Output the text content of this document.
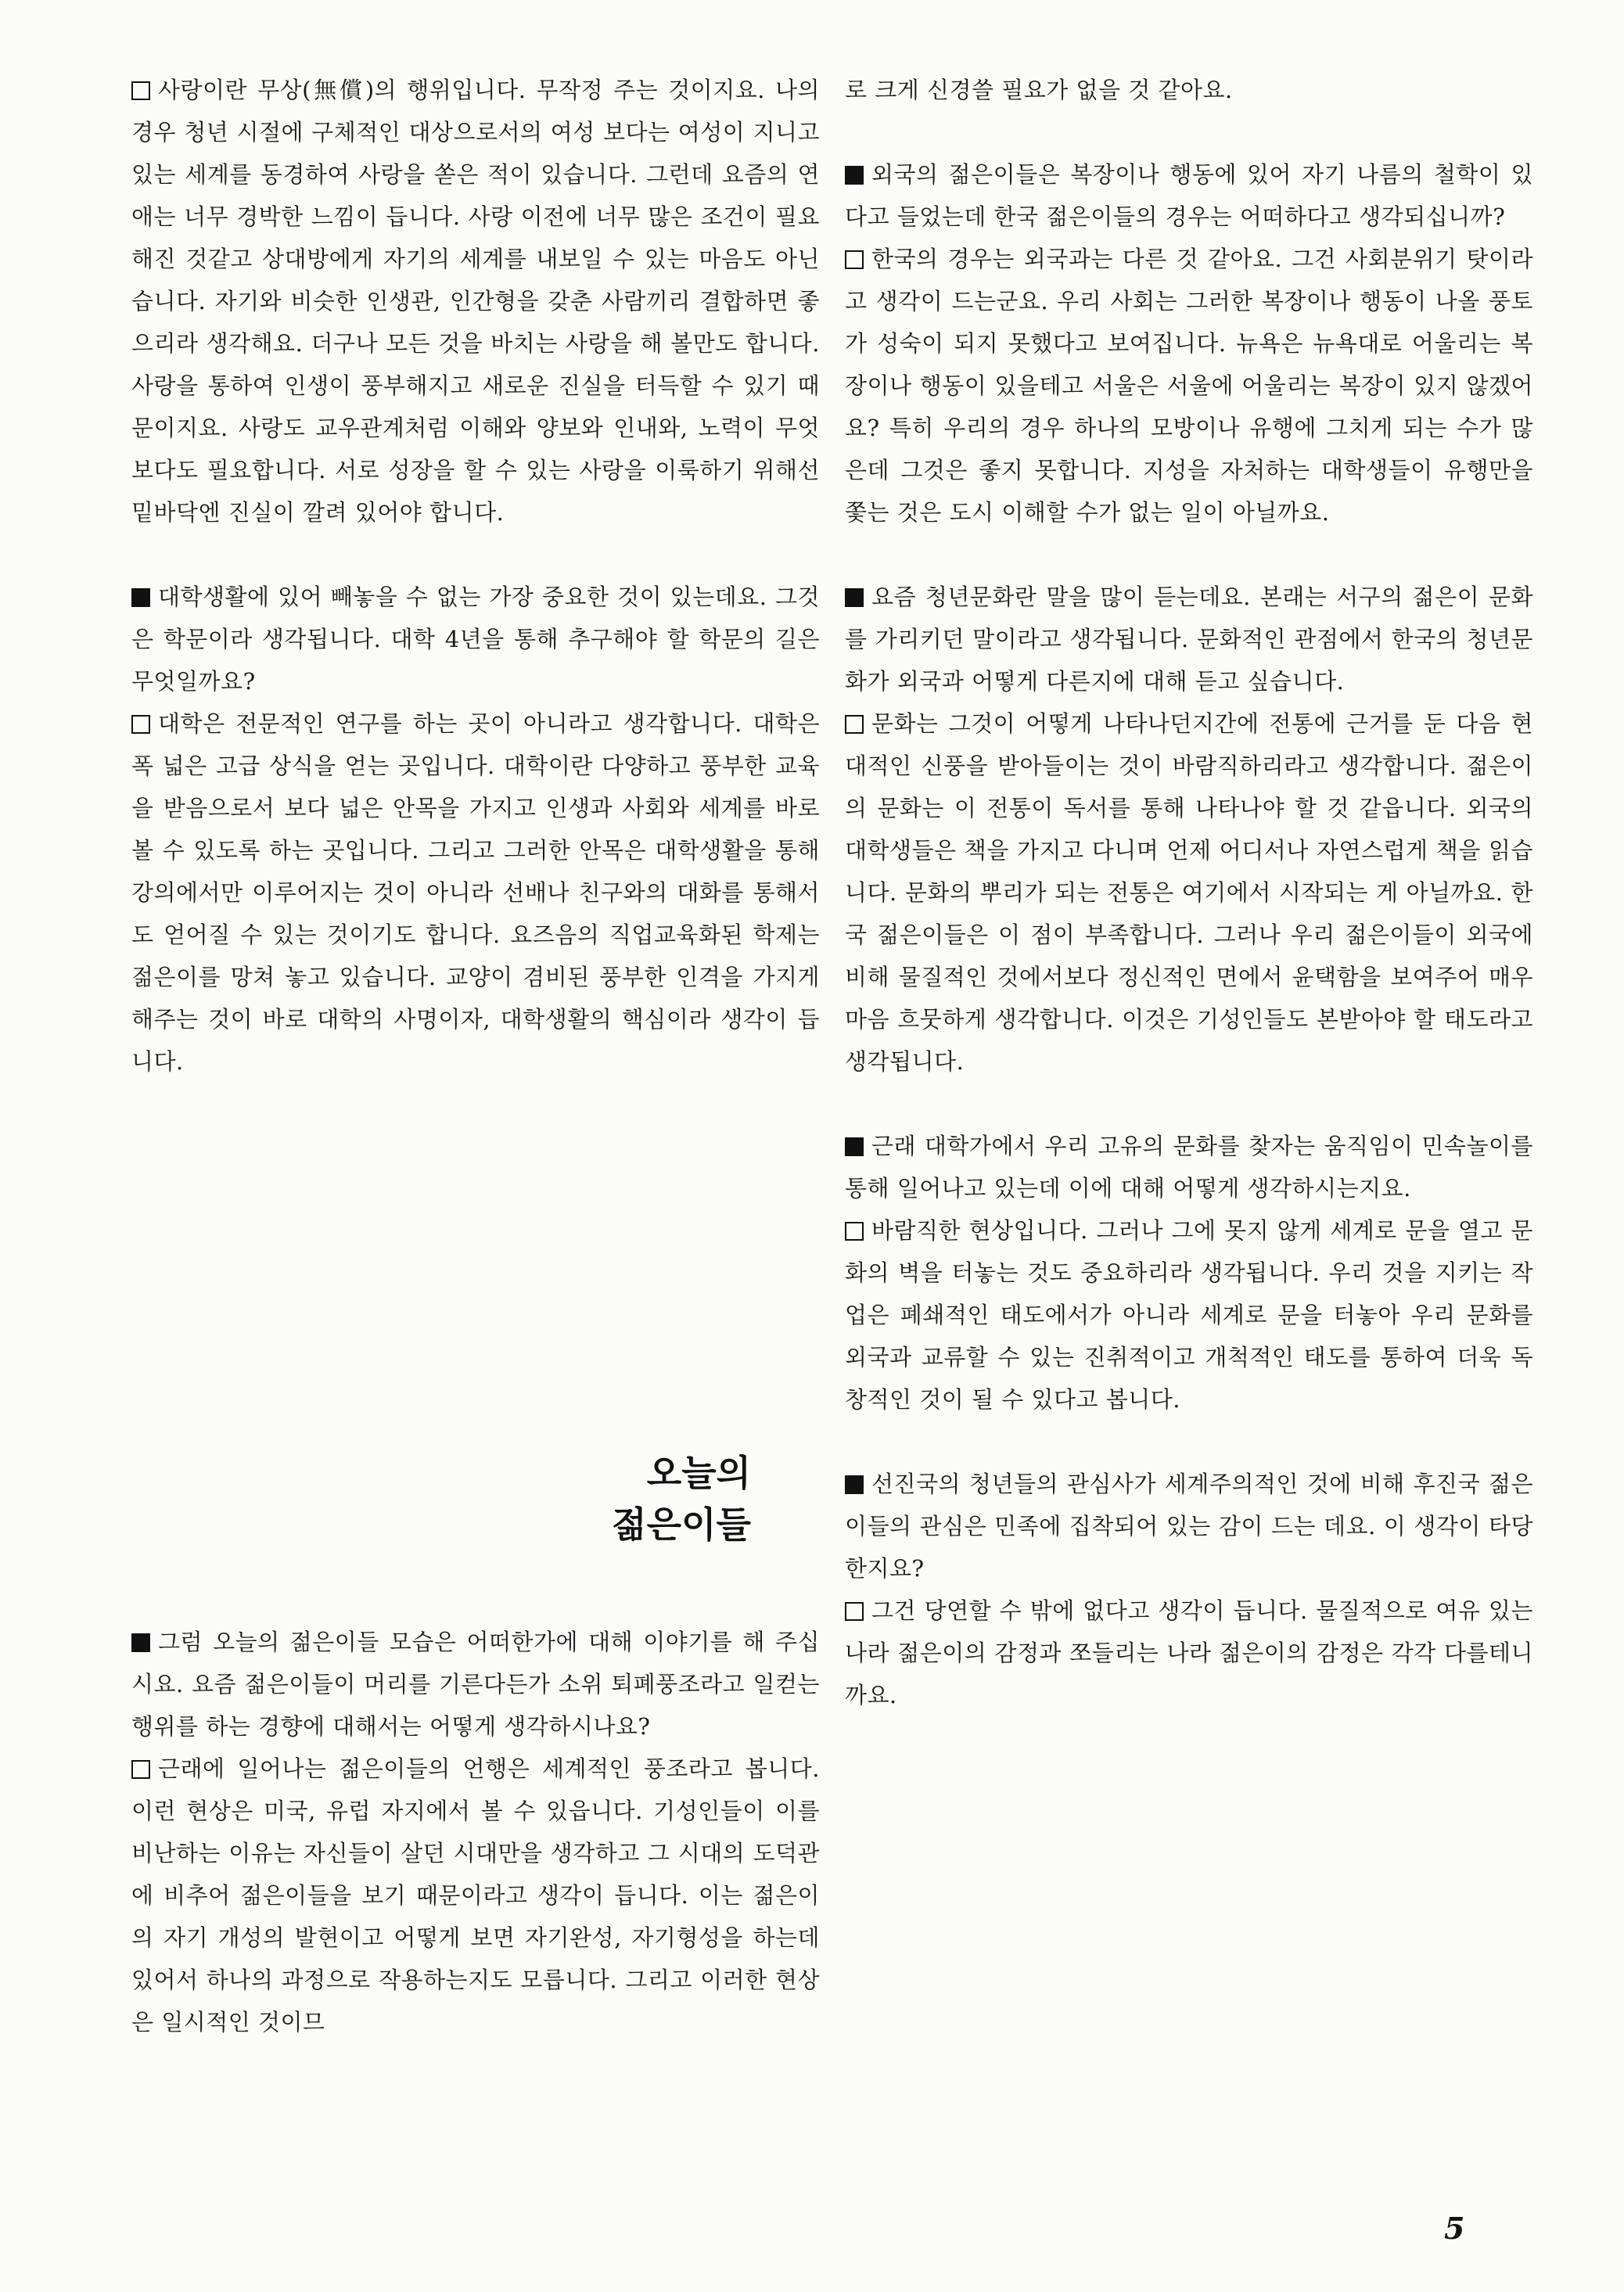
사랑이란 무상(無償)의 행위입니다. 무작정 주는 것이지요. 나의 경우 청년 시절에 구체적인 대상으로서의 여성 보다는 여성이 지니고 있는 세계를 동경하여 사랑을 쏟은 적이 있습니다. 그런데 요즘의 연애는 너무 경박한 느낌이 듭니다. 사랑 이전에 너무 많은 조건이 필요해진 것같고 상대방에게 자기의 세계를 내보일 수 있는 마음도 아닌습니다. 자기와 비슷한 인생관, 인간형을 갖춘 사람끼리 결합하면 좋으리라 생각해요. 더구나 모든 것을 바치는 사랑을 해 볼만도 합니다. 사랑을 통하여 인생이 풍부해지고 새로운 진실을 터득할 수 있기 때문이지요. 사랑도 교우관계처럼 이해와 양보와 인내와, 노력이 무엇보다도 필요합니다. 서로 성장을 할 수 있는 사랑을 이룩하기 위해선 밑바닥엔 진실이 깔려 있어야 합니다.

대학생활에 있어 빼놓을 수 없는 가장 중요한 것이 있는데요. 그것은 학문이라 생각됩니다. 대학 4년을 통해 추구해야 할 학문의 길은 무엇일까요?

대학은 전문적인 연구를 하는 곳이 아니라고 생각합니다. 대학은 폭 넓은 고급 상식을 얻는 곳입니다. 대학이란 다양하고 풍부한 교육을 받음으로서 보다 넓은 안목을 가지고 인생과 사회와 세계를 바로 볼 수 있도록 하는 곳입니다. 그리고 그러한 안목은 대학생활을 통해 강의에서만 이루어지는 것이 아니라 선배나 친구와의 대화를 통해서도 얻어질 수 있는 것이기도 합니다. 요즈음의 직업교육화된 학제는 젊은이를 망쳐 놓고 있습니다. 교양이 겸비된 풍부한 인격을 가지게 해주는 것이 바로 대학의 사명이자, 대학생활의 핵심이라 생각이 듭니다.

오늘의
젊은이들

그럼 오늘의 젊은이들 모습은 어떠한가에 대해 이야기를 해 주십시요. 요즘 젊은이들이 머리를 기른다든가 소위 퇴폐풍조라고 일컫는 행위를 하는 경향에 대해서는 어떻게 생각하시나요?

근래에 일어나는 젊은이들의 언행은 세계적인 풍조라고 봅니다. 이런 현상은 미국, 유럽 자지에서 볼 수 있읍니다. 기성인들이 이를 비난하는 이유는 자신들이 살던 시대만을 생각하고 그 시대의 도덕관에 비추어 젊은이들을 보기 때문이라고 생각이 듭니다. 이는 젊은이의 자기 개성의 발현이고 어떻게 보면 자기완성, 자기형성을 하는데 있어서 하나의 과정으로 작용하는지도 모릅니다. 그리고 이러한 현상은 일시적인 것이므

로 크게 신경쓸 필요가 없을 것 같아요.

외국의 젊은이들은 복장이나 행동에 있어 자기 나름의 철학이 있다고 들었는데 한국 젊은이들의 경우는 어떠하다고 생각되십니까?

한국의 경우는 외국과는 다른 것 같아요. 그건 사회분위기 탓이라고 생각이 드는군요. 우리 사회는 그러한 복장이나 행동이 나올 풍토가 성숙이 되지 못했다고 보여집니다. 뉴욕은 뉴욕대로 어울리는 복장이나 행동이 있을테고 서울은 서울에 어울리는 복장이 있지 않겠어요? 특히 우리의 경우 하나의 모방이나 유행에 그치게 되는 수가 많은데 그것은 좋지 못합니다. 지성을 자처하는 대학생들이 유행만을 쫓는 것은 도시 이해할 수가 없는 일이 아닐까요.

요즘 청년문화란 말을 많이 듣는데요. 본래는 서구의 젊은이 문화를 가리키던 말이라고 생각됩니다. 문화적인 관점에서 한국의 청년문화가 외국과 어떻게 다른지에 대해 듣고 싶습니다.

문화는 그것이 어떻게 나타나던지간에 전통에 근거를 둔 다음 현대적인 신풍을 받아들이는 것이 바람직하리라고 생각합니다. 젊은이의 문화는 이 전통이 독서를 통해 나타나야 할 것 같읍니다. 외국의 대학생들은 책을 가지고 다니며 언제 어디서나 자연스럽게 책을 읽습니다. 문화의 뿌리가 되는 전통은 여기에서 시작되는 게 아닐까요. 한국 젊은이들은 이 점이 부족합니다. 그러나 우리 젊은이들이 외국에 비해 물질적인 것에서보다 정신적인 면에서 윤택함을 보여주어 매우 마음 흐뭇하게 생각합니다. 이것은 기성인들도 본받아야 할 태도라고 생각됩니다.

근래 대학가에서 우리 고유의 문화를 찾자는 움직임이 민속놀이를 통해 일어나고 있는데 이에 대해 어떻게 생각하시는지요.

바람직한 현상입니다. 그러나 그에 못지 않게 세계로 문을 열고 문화의 벽을 터놓는 것도 중요하리라 생각됩니다. 우리 것을 지키는 작업은 폐쇄적인 태도에서가 아니라 세계로 문을 터놓아 우리 문화를 외국과 교류할 수 있는 진취적이고 개척적인 태도를 통하여 더욱 독창적인 것이 될 수 있다고 봅니다.

선진국의 청년들의 관심사가 세계주의적인 것에 비해 후진국 젊은이들의 관심은 민족에 집착되어 있는 감이 드는 데요. 이 생각이 타당한지요?

그건 당연할 수 밖에 없다고 생각이 듭니다. 물질적으로 여유 있는 나라 젊은이의 감정과 쪼들리는 나라 젊은이의 감정은 각각 다를테니까요.

5
